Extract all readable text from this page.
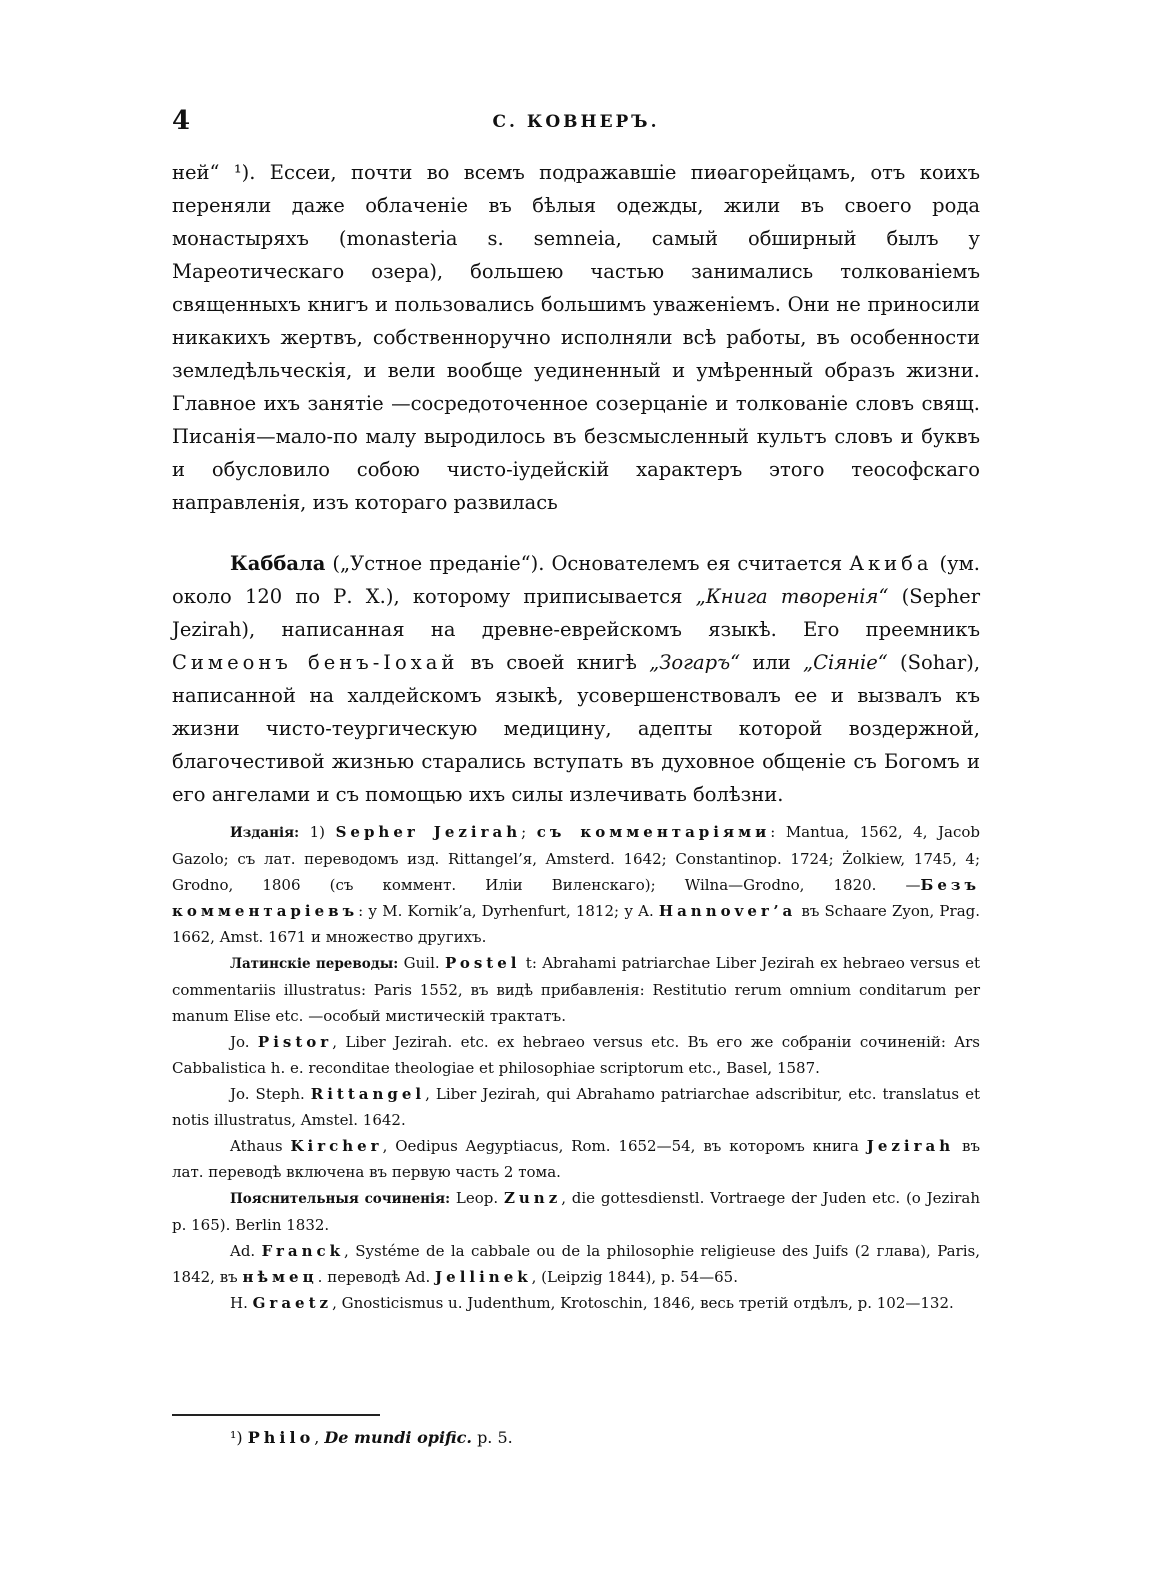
4	С. КОВНЕРЪ.

ней“ ¹). Ессеи, почти во всемъ подражавшiе пиѳагорейцамъ, отъ коихъ переняли даже облаченiе въ бѣлыя одежды, жили въ своего рода монастыряхъ (monasteria s. semneia, самый обширный былъ у Мареотическаго озера), большею частью занимались толкованiемъ священныхъ книгъ и пользовались большимъ уваженiемъ. Они не приносили никакихъ жертвъ, собственноручно исполняли всѣ работы, въ особенности земледѣльческiя, и вели вообще уединенный и умѣренный образъ жизни. Главное ихъ занятiе —сосредоточенное созерцанiе и толкованiе словъ свящ. Писанiя—мало-по малу выродилось въ безсмысленный культъ словъ и буквъ и обусловило собою чисто-iудейскiй характеръ этого теософскаго направленiя, изъ котораго развилась

Каббала („Устное преданiе“). Основателемъ ея считается Акиба (ум. около 120 по Р. Х.), которому приписывается „Книга творенiя“ (Sepher Jezirah), написанная на древне-еврейскомъ языкѣ. Его преемникъ Симеонъ бенъ-Iохай въ своей книгѣ „Зогаръ“ или „Сiянiе“ (Sohar), написанной на халдейскомъ языкѣ, усовершенствовалъ ее и вызвалъ къ жизни чисто-теургическую медицину, адепты которой воздержной, благочестивой жизнью старались вступать въ духовное общенiе съ Богомъ и его ангелами и съ помощью ихъ силы излечивать болѣзни.

Изданiя: 1) Sepher Jezirah; съ комментарiями: Mantua, 1562, 4, Jacob Gazolo; съ лат. переводомъ изд. Rittangel’я, Amsterd. 1642; Constantinop. 1724; Żolkiew, 1745, 4; Grodno, 1806 (съ коммент. Илiи Виленскаго); Wilna—Grodno, 1820. —Безъ комментарiевъ: у M. Kornik’a, Dyrhenfurt, 1812; у A. Hannover’a въ Schaare Zyon, Prag. 1662, Amst. 1671 и множество другихъ.

Латинскiе переводы: Guil. Postel t: Abrahami patriarchae Liber Jezirah ex hebraeo versus et commentariis illustratus: Paris 1552, въ видѣ прибавленiя: Restitutio rerum omnium conditarum per manum Elise etc. —особый мистическiй трактатъ.

Jo. Pistor, Liber Jezirah. etc. ex hebraeo versus etc. Въ его же собранiи сочиненiй: Ars Cabbalistica h. e. reconditae theologiae et philosophiae scriptorum etc., Basel, 1587.

Jo. Steph. Rittangel, Liber Jezirah, qui Abrahamo patriarchae adscribitur, etc. translatus et notis illustratus, Amstel. 1642.

Athaus Kircher, Oedipus Aegyptiacus, Rom. 1652—54, въ которомъ книга Jezirah въ лат. переводѣ включена въ первую часть 2 тома.

Пояснительныя сочиненiя: Leop. Zunz, die gottesdienstl. Vortraege der Juden etc. (о Jezirah p. 165). Berlin 1832.

Ad. Franck, Systéme de la cabbale ou de la philosophie religieuse des Juifs (2 глава), Paris, 1842, въ нѣмец. переводѣ Ad. Jellinek, (Leipzig 1844), p. 54—65.

H. Graetz, Gnosticismus u. Judenthum, Krotoschin, 1846, весь третiй отдѣлъ, p. 102—132.

¹) Philo, De mundi opific. p. 5.
